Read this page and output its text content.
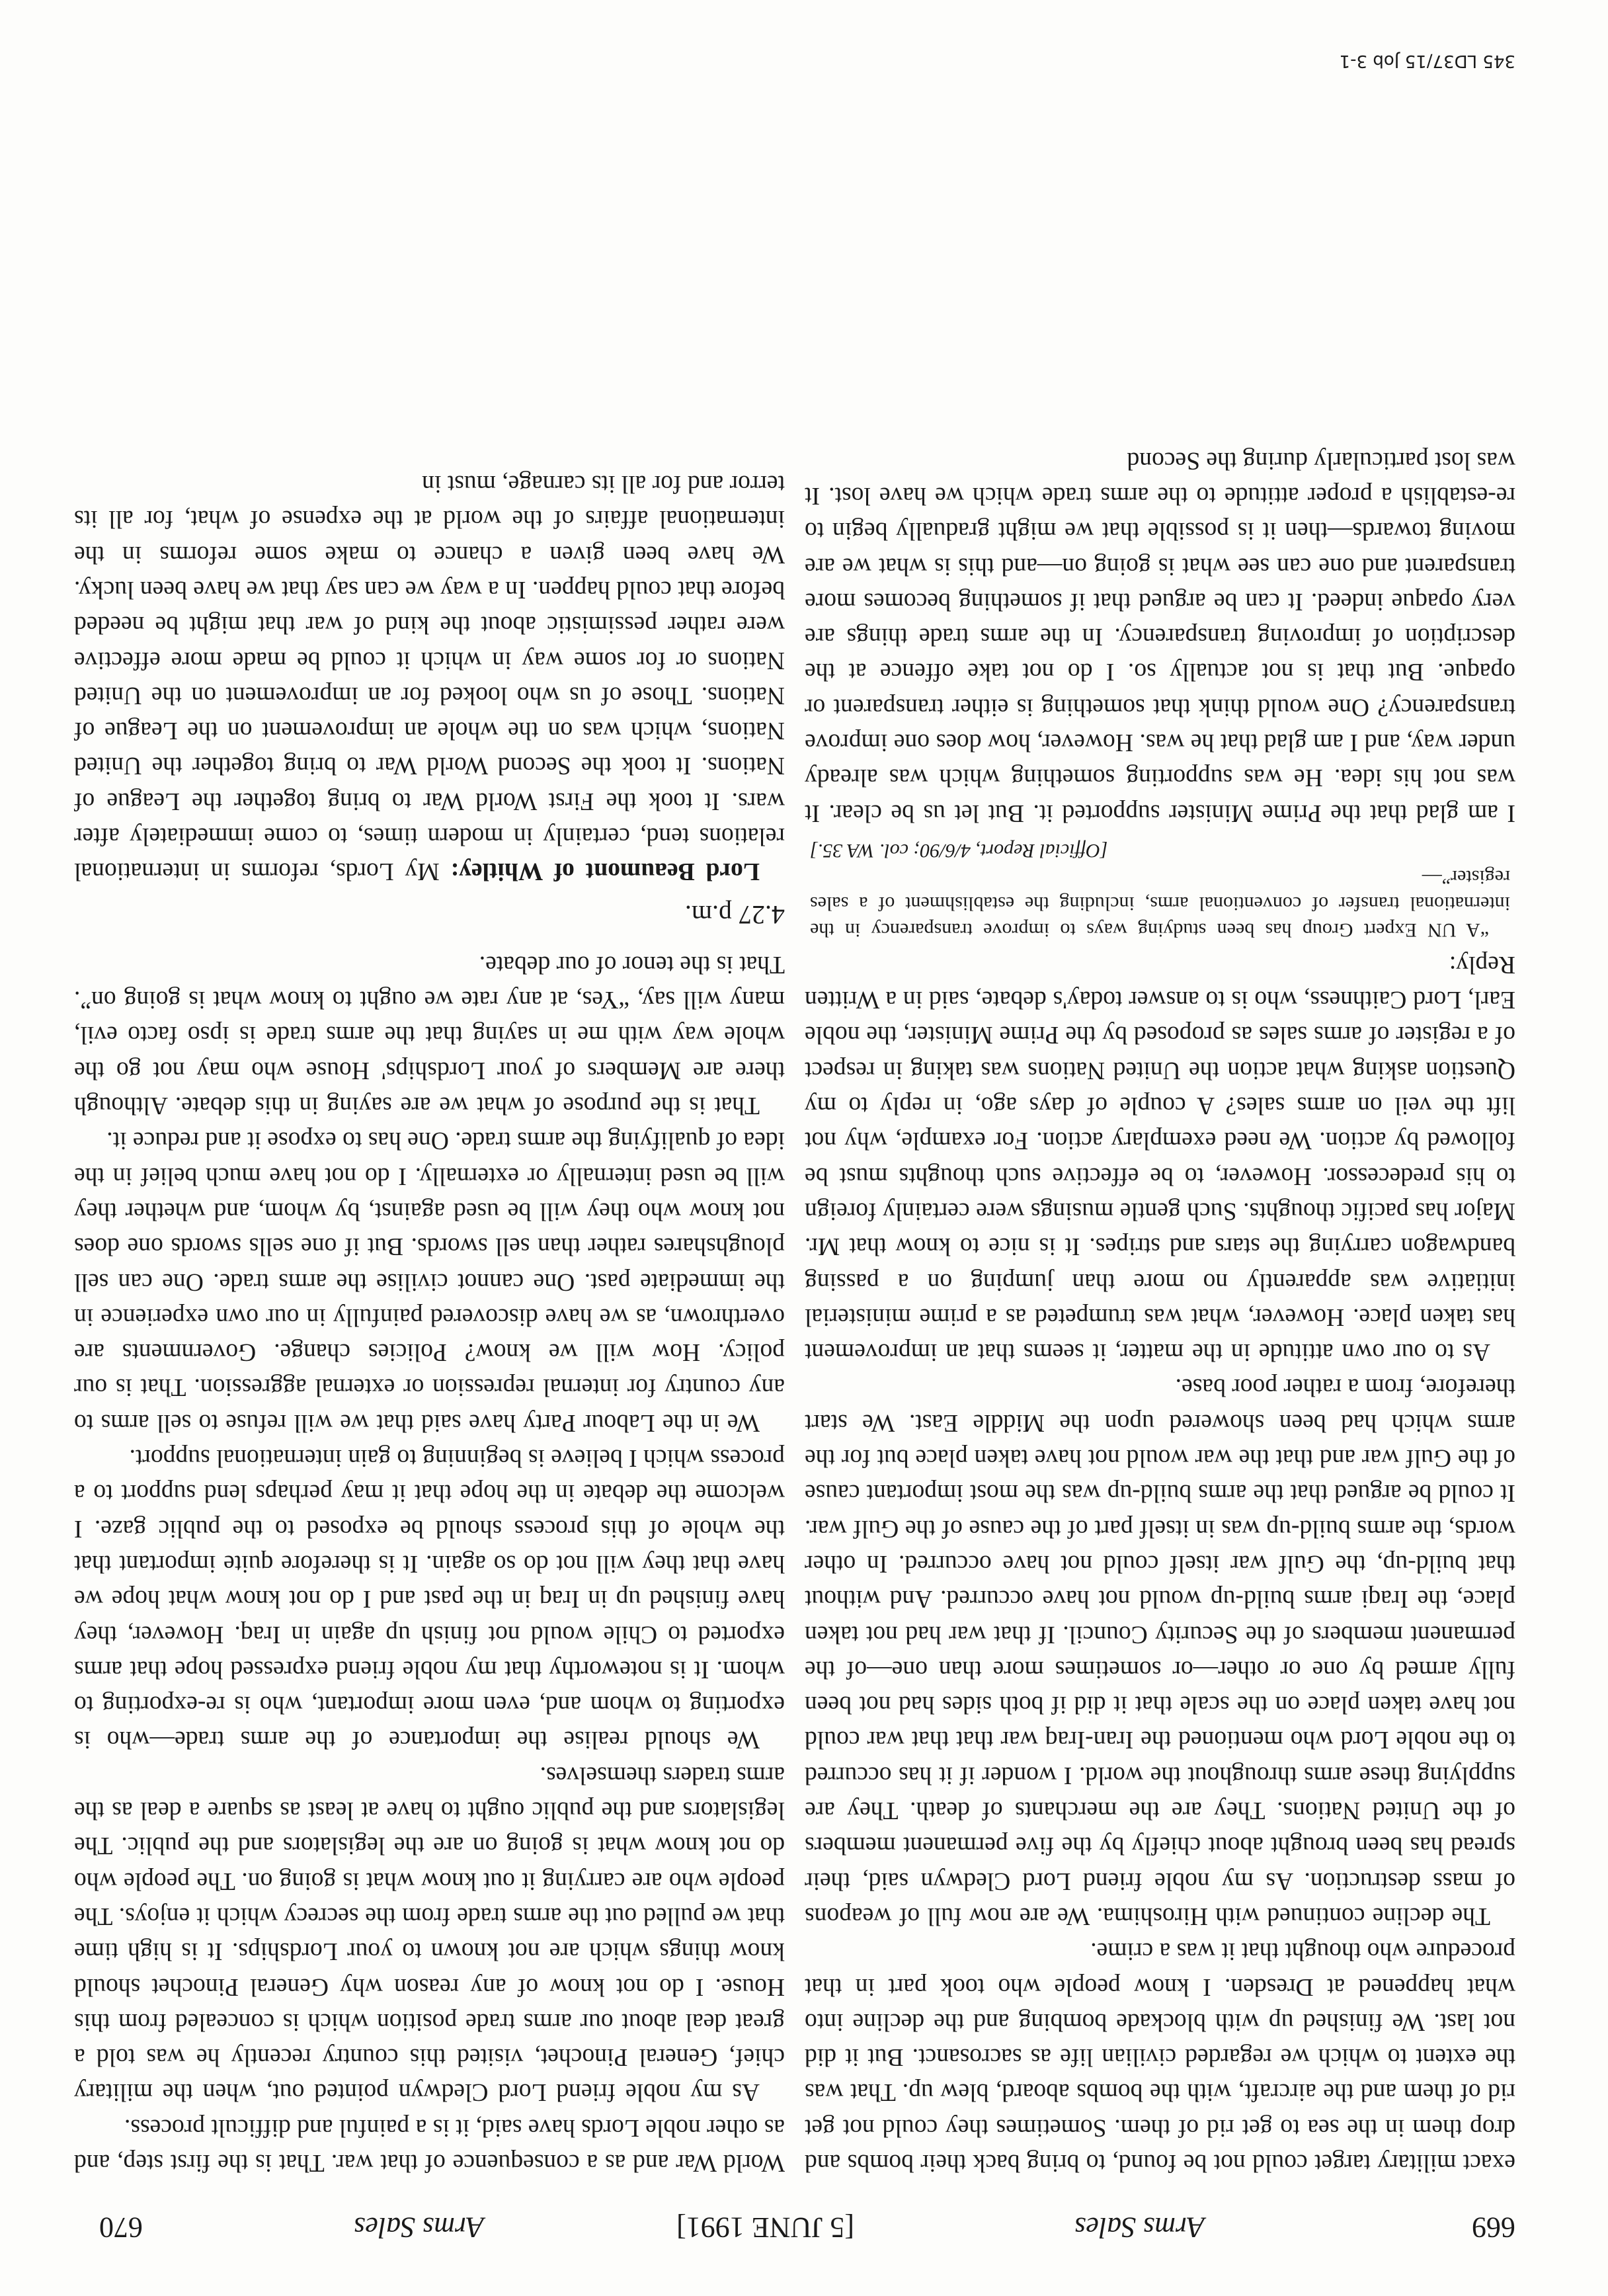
669
Arms Sales
[5 JUNE 1991]
Arms Sales
670

exact military target could not be found, to bring back their bombs and drop them in the sea to get rid of them. Sometimes they could not get rid of them and the aircraft, with the bombs aboard, blew up. That was the extent to which we regarded civilian life as sacrosanct. But it did not last. We finished up with blockade bombing and the decline into what happened at Dresden. I know people who took part in that procedure who thought that it was a crime.

The decline continued with Hiroshima. We are now full of weapons of mass destruction. As my noble friend Lord Cledwyn said, their spread has been brought about chiefly by the five permanent members of the United Nations. They are the merchants of death. They are supplying these arms throughout the world. I wonder if it has occurred to the noble Lord who mentioned the Iran-Iraq war that that war could not have taken place on the scale that it did if both sides had not been fully armed by one or other—or sometimes more than one—of the permanent members of the Security Council. If that war had not taken place, the Iraqi arms build-up would not have occurred. And without that build-up, the Gulf war itself could not have occurred. In other words, the arms build-up was in itself part of the cause of the Gulf war. It could be argued that the arms build-up was the most important cause of the Gulf war and that the war would not have taken place but for the arms which had been showered upon the Middle East. We start therefore, from a rather poor base.

As to our own attitude in the matter, it seems that an improvement has taken place. However, what was trumpeted as a prime ministerial initiative was apparently no more than jumping on a passing bandwagon carrying the stars and stripes. It is nice to know that Mr. Major has pacific thoughts. Such gentle musings were certainly foreign to his predecessor. However, to be effective such thoughts must be followed by action. We need exemplary action. For example, why not lift the veil on arms sales? A couple of days ago, in reply to my Question asking what action the United Nations was taking in respect of a register of arms sales as proposed by the Prime Minister, the noble Earl, Lord Caithness, who is to answer today's debate, said in a Written Reply:

“A UN Expert Group has been studying ways to improve transparency in the international transfer of conventional arms, including the establishment of a sales register”—

[Official Report, 4/6/90; col. WA 35.]

I am glad that the Prime Minister supported it. But let us be clear. It was not his idea. He was supporting something which was already under way, and I am glad that he was. However, how does one improve transparency? One would think that something is either transparent or opaque. But that is not actually so. I do not take offence at the description of improving transparency. In the arms trade things are very opaque indeed. It can be argued that if something becomes more transparent and one can see what is going on—and this is what we are moving towards—then it is possible that we might gradually begin to re-establish a proper attitude to the arms trade which we have lost. It was lost particularly during the Second

World War and as a consequence of that war. That is the first step, and as other noble Lords have said, it is a painful and difficult process.

As my noble friend Lord Cledwyn pointed out, when the military chief, General Pinochet, visited this country recently he was told a great deal about our arms trade position which is concealed from this House. I do not know of any reason why General Pinochet should know things which are not known to your Lordships. It is high time that we pulled out the arms trade from the secrecy which it enjoys. The people who are carrying it out know what is going on. The people who do not know what is going on are the legislators and the public. The legislators and the public ought to have at least as square a deal as the arms traders themselves.

We should realise the importance of the arms trade—who is exporting to whom and, even more important, who is re-exporting to whom. It is noteworthy that my noble friend expressed hope that arms exported to Chile would not finish up again in Iraq. However, they have finished up in Iraq in the past and I do not know what hope we have that they will not do so again. It is therefore quite important that the whole of this process should be exposed to the public gaze. I welcome the debate in the hope that it may perhaps lend support to a process which I believe is beginning to gain international support.

We in the Labour Party have said that we will refuse to sell arms to any country for internal repression or external aggression. That is our policy. How will we know? Policies change. Governments are overthrown, as we have discovered painfully in our own experience in the immediate past. One cannot civilise the arms trade. One can sell ploughshares rather than sell swords. But if one sells swords one does not know who they will be used against, by whom, and whether they will be used internally or externally. I do not have much belief in the idea of qualifying the arms trade. One has to expose it and reduce it.

That is the purpose of what we are saying in this debate. Although there are Members of your Lordships' House who may not go the whole way with me in saying that the arms trade is ipso facto evil, many will say, “Yes, at any rate we ought to know what is going on”. That is the tenor of our debate.

4.27 p.m.

Lord Beaumont of Whitley: My Lords, reforms in international relations tend, certainly in modern times, to come immediately after wars. It took the First World War to bring together the League of Nations. It took the Second World War to bring together the United Nations, which was on the whole an improvement on the League of Nations. Those of us who looked for an improvement on the United Nations or for some way in which it could be made more effective were rather pessimistic about the kind of war that might be needed before that could happen. In a way we can say that we have been lucky. We have been given a chance to make some reforms in the international affairs of the world at the expense of what, for all its terror and for all its carnage, must in

345 LD37/15 Job 3-1
